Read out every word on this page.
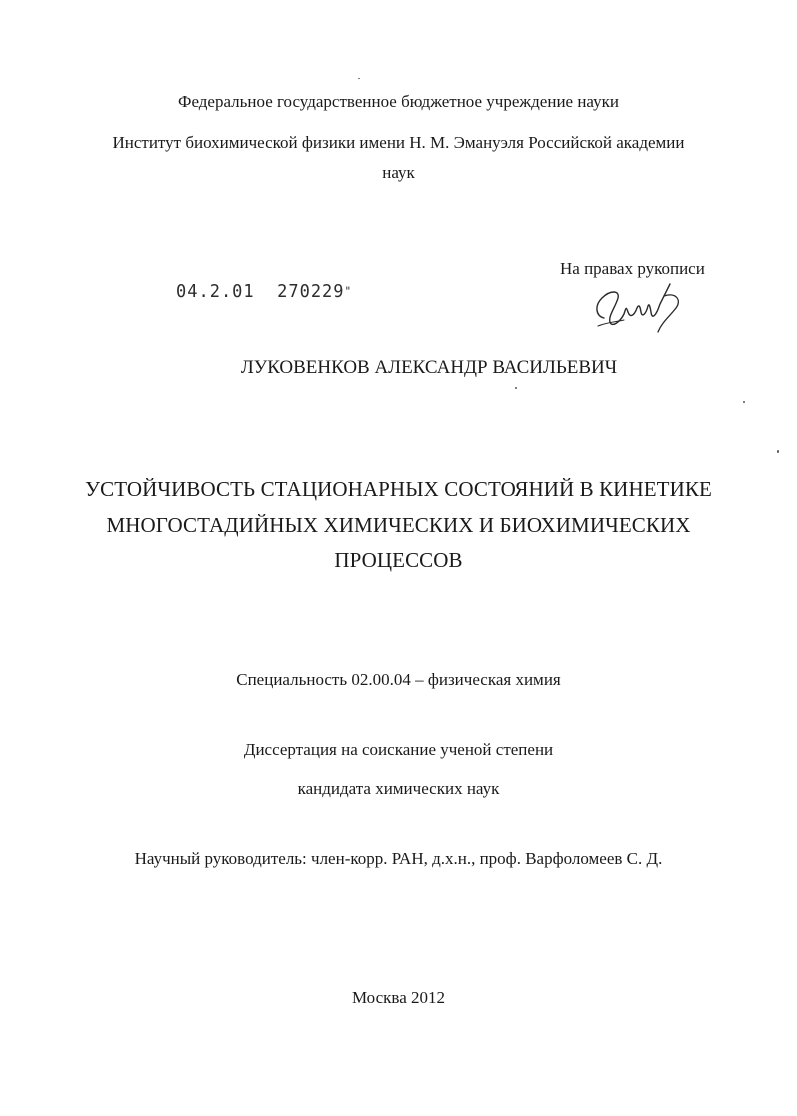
Федеральное государственное бюджетное учреждение науки
Институт биохимической физики имени Н. М. Эмануэля Российской академии
наук
На правах рукописи
04.2.01  270229"
ЛУКОВЕНКОВ АЛЕКСАНДР ВАСИЛЬЕВИЧ
УСТОЙЧИВОСТЬ СТАЦИОНАРНЫХ СОСТОЯНИЙ В КИНЕТИКЕ
МНОГОСТАДИЙНЫХ ХИМИЧЕСКИХ И БИОХИМИЧЕСКИХ
ПРОЦЕССОВ
Специальность 02.00.04 – физическая химия
Диссертация на соискание ученой степени
кандидата химических наук
Научный руководитель: член-корр. РАН, д.х.н., проф. Варфоломеев С. Д.
Москва 2012
